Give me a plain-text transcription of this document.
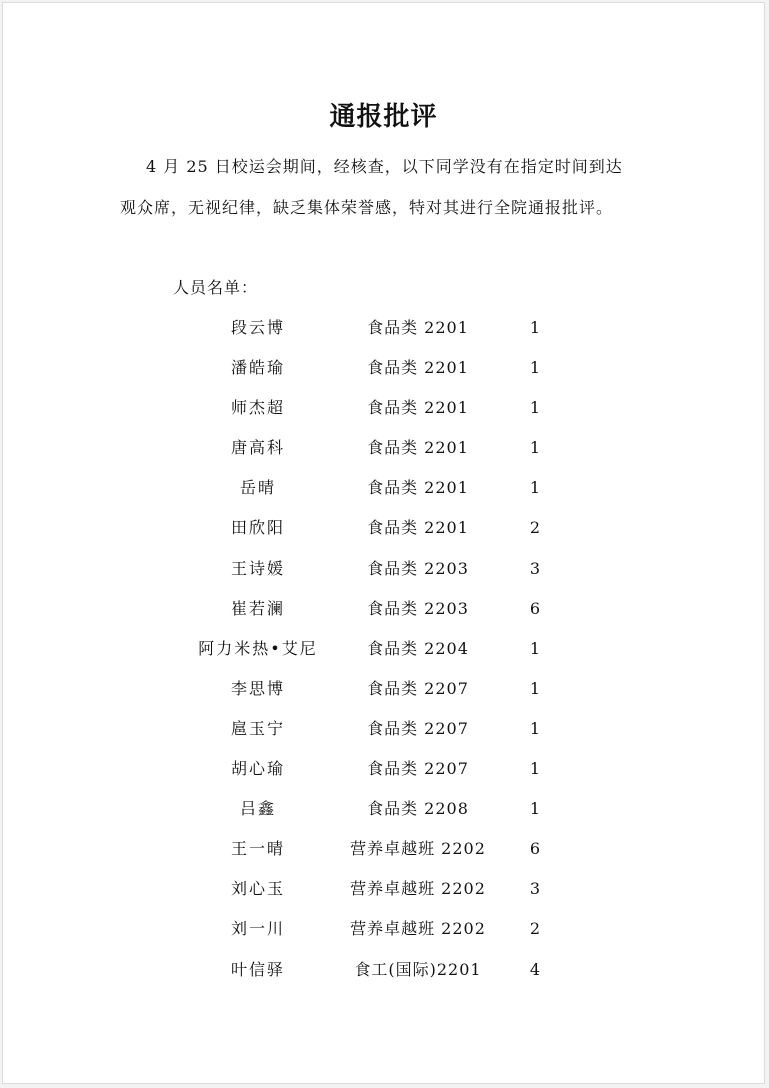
通报批评
4 月 25 日校运会期间，经核查，以下同学没有在指定时间到达
观众席，无视纪律，缺乏集体荣誉感，特对其进行全院通报批评。
人员名单：
段云博	食品类 2201	1
潘皓瑜	食品类 2201	1
师杰超	食品类 2201	1
唐高科	食品类 2201	1
岳晴	食品类 2201	1
田欣阳	食品类 2201	2
王诗媛	食品类 2203	3
崔若澜	食品类 2203	6
阿力米热•艾尼	食品类 2204	1
李思博	食品类 2207	1
扈玉宁	食品类 2207	1
胡心瑜	食品类 2207	1
吕鑫	食品类 2208	1
王一晴	营养卓越班 2202	6
刘心玉	营养卓越班 2202	3
刘一川	营养卓越班 2202	2
叶信驿	食工(国际)2201	4
